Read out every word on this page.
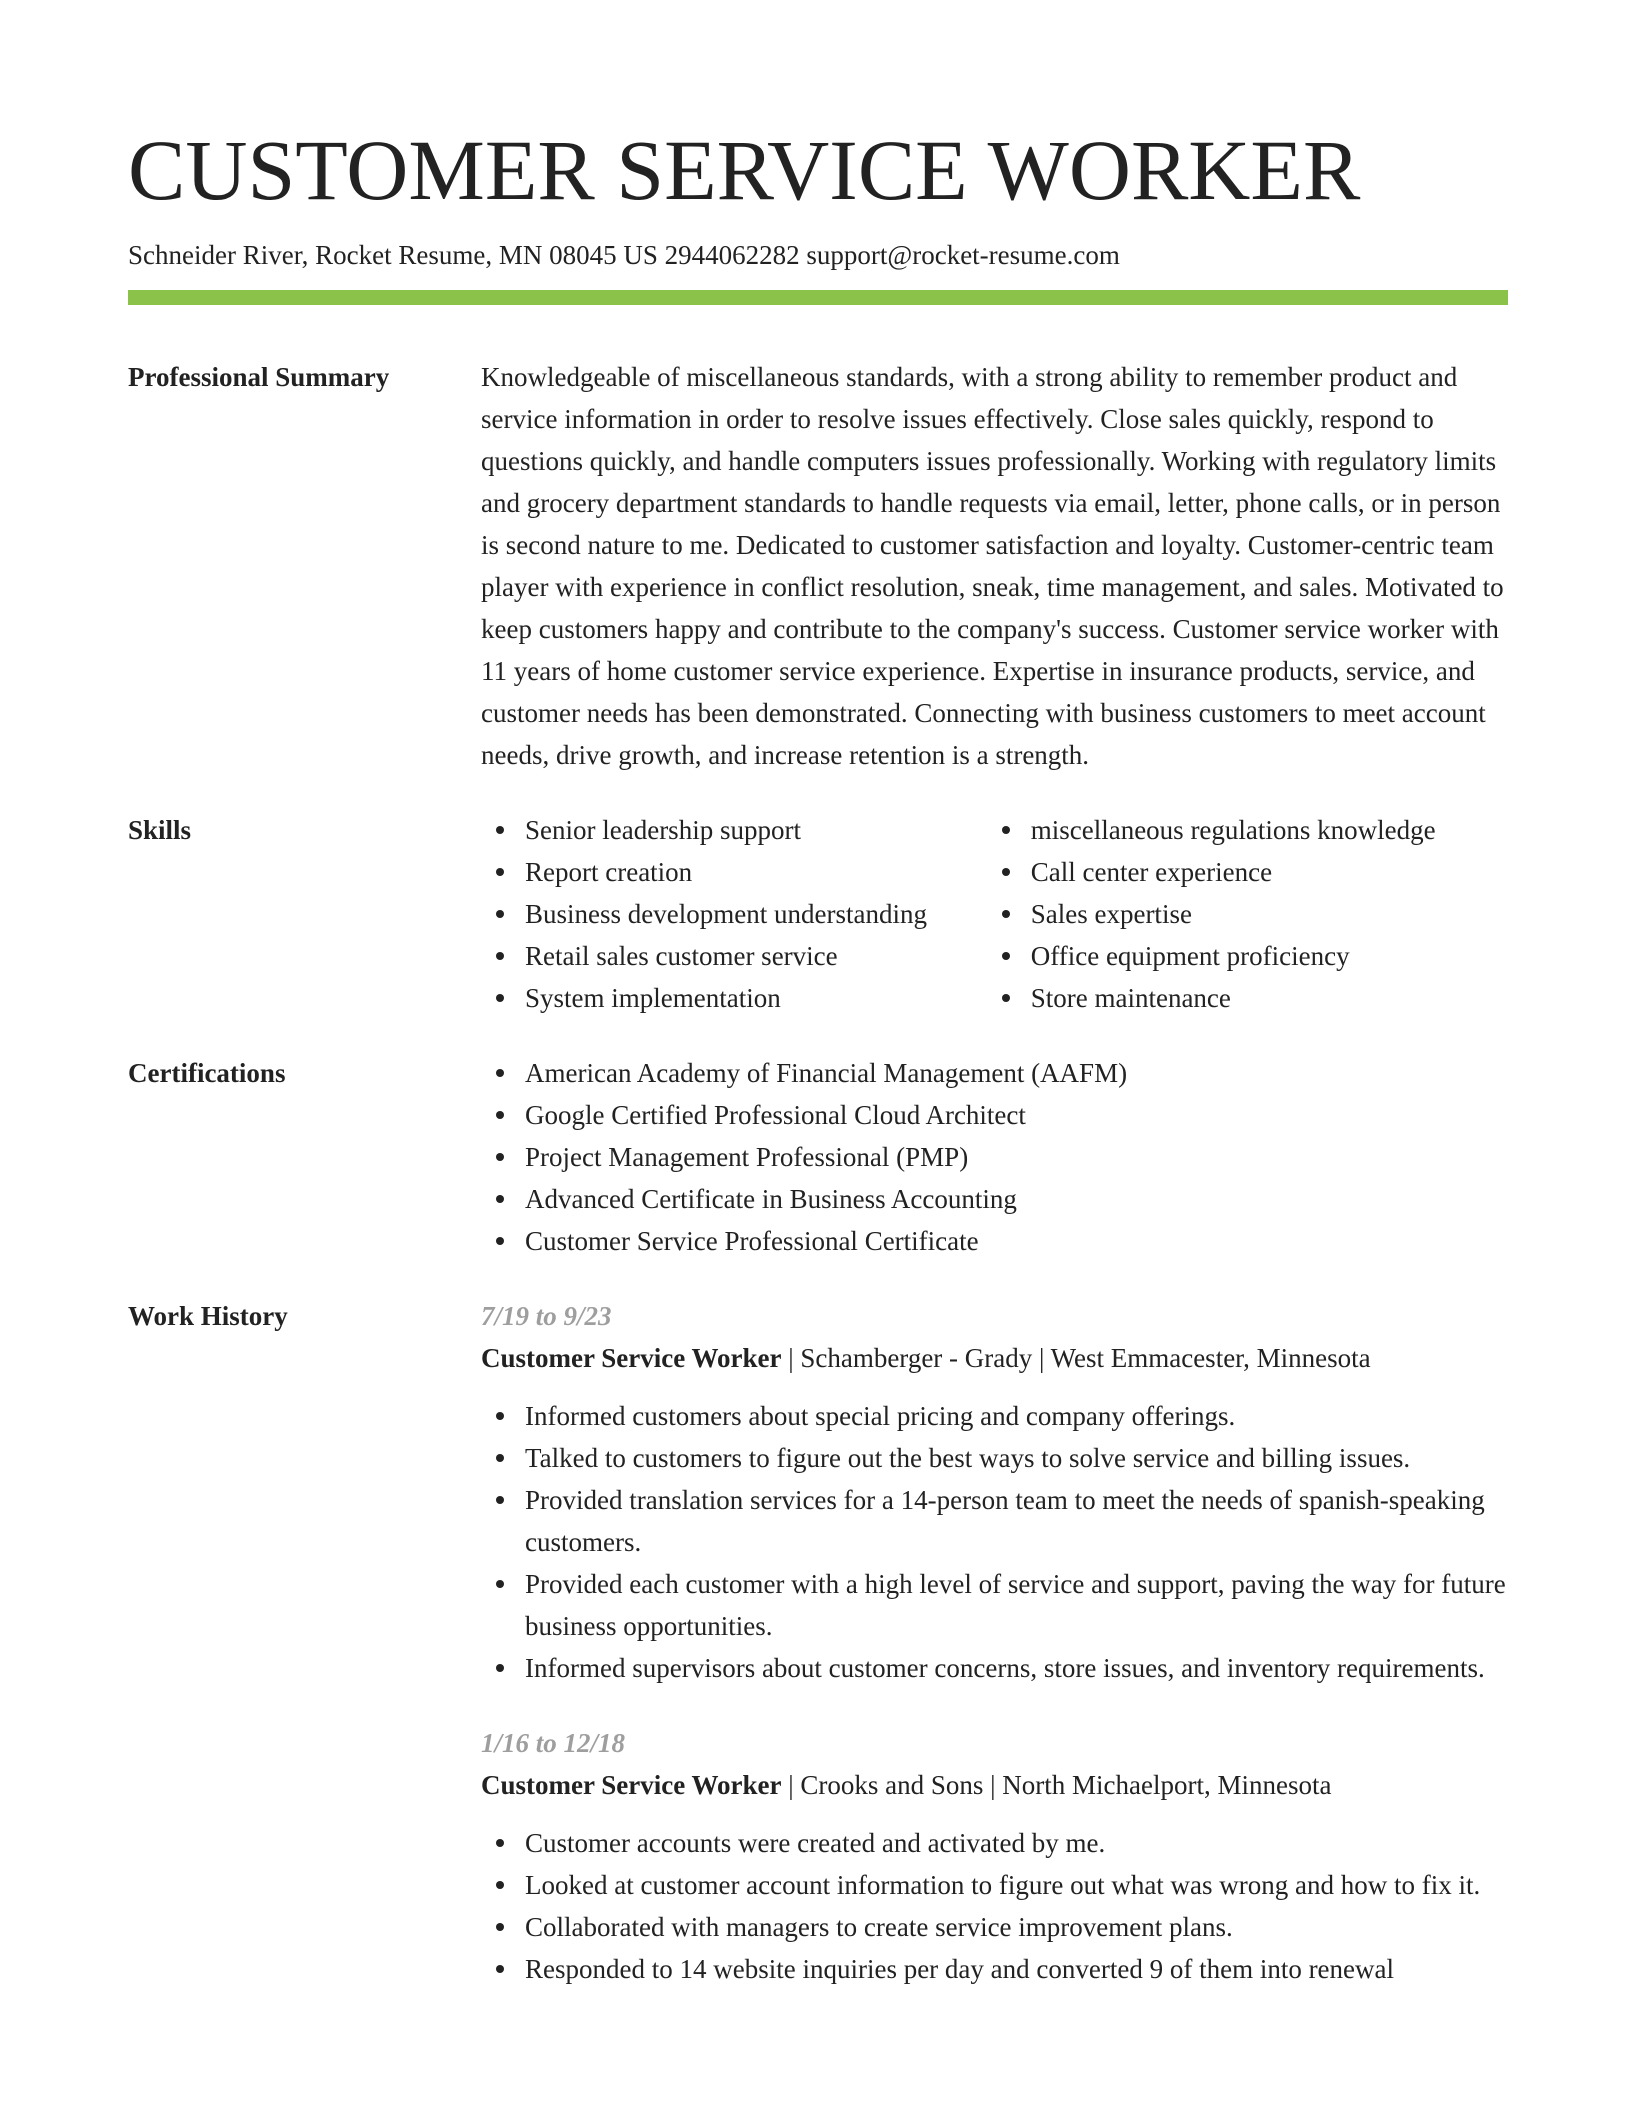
CUSTOMER SERVICE WORKER
Schneider River, Rocket Resume, MN 08045 US 2944062282 support@rocket-resume.com
Professional Summary	Knowledgeable of miscellaneous standards, with a strong ability to remember product and service information in order to resolve issues effectively. Close sales quickly, respond to questions quickly, and handle computers issues professionally. Working with regulatory limits and grocery department standards to handle requests via email, letter, phone calls, or in person is second nature to me. Dedicated to customer satisfaction and loyalty. Customer-centric team player with experience in conflict resolution, sneak, time management, and sales. Motivated to keep customers happy and contribute to the company's success. Customer service worker with 11 years of home customer service experience. Expertise in insurance products, service, and customer needs has been demonstrated. Connecting with business customers to meet account needs, drive growth, and increase retention is a strength.

Skills	Senior leadership support
Report creation
Business development understanding
Retail sales customer service
System implementation
miscellaneous regulations knowledge
Call center experience
Sales expertise
Office equipment proficiency
Store maintenance
Certifications	American Academy of Financial Management (AAFM)
Google Certified Professional Cloud Architect
Project Management Professional (PMP)
Advanced Certificate in Business Accounting
Customer Service Professional Certificate
Work History	7/19 to 9/23
Customer Service Worker | Schamberger - Grady | West Emmacester, Minnesota
Informed customers about special pricing and company offerings.
Talked to customers to figure out the best ways to solve service and billing issues.
Provided translation services for a 14-person team to meet the needs of spanish-speaking customers.
Provided each customer with a high level of service and support, paving the way for future business opportunities.
Informed supervisors about customer concerns, store issues, and inventory requirements.
1/16 to 12/18
Customer Service Worker | Crooks and Sons | North Michaelport, Minnesota
Customer accounts were created and activated by me.
Looked at customer account information to figure out what was wrong and how to fix it.
Collaborated with managers to create service improvement plans.
Responded to 14 website inquiries per day and converted 9 of them into renewal
